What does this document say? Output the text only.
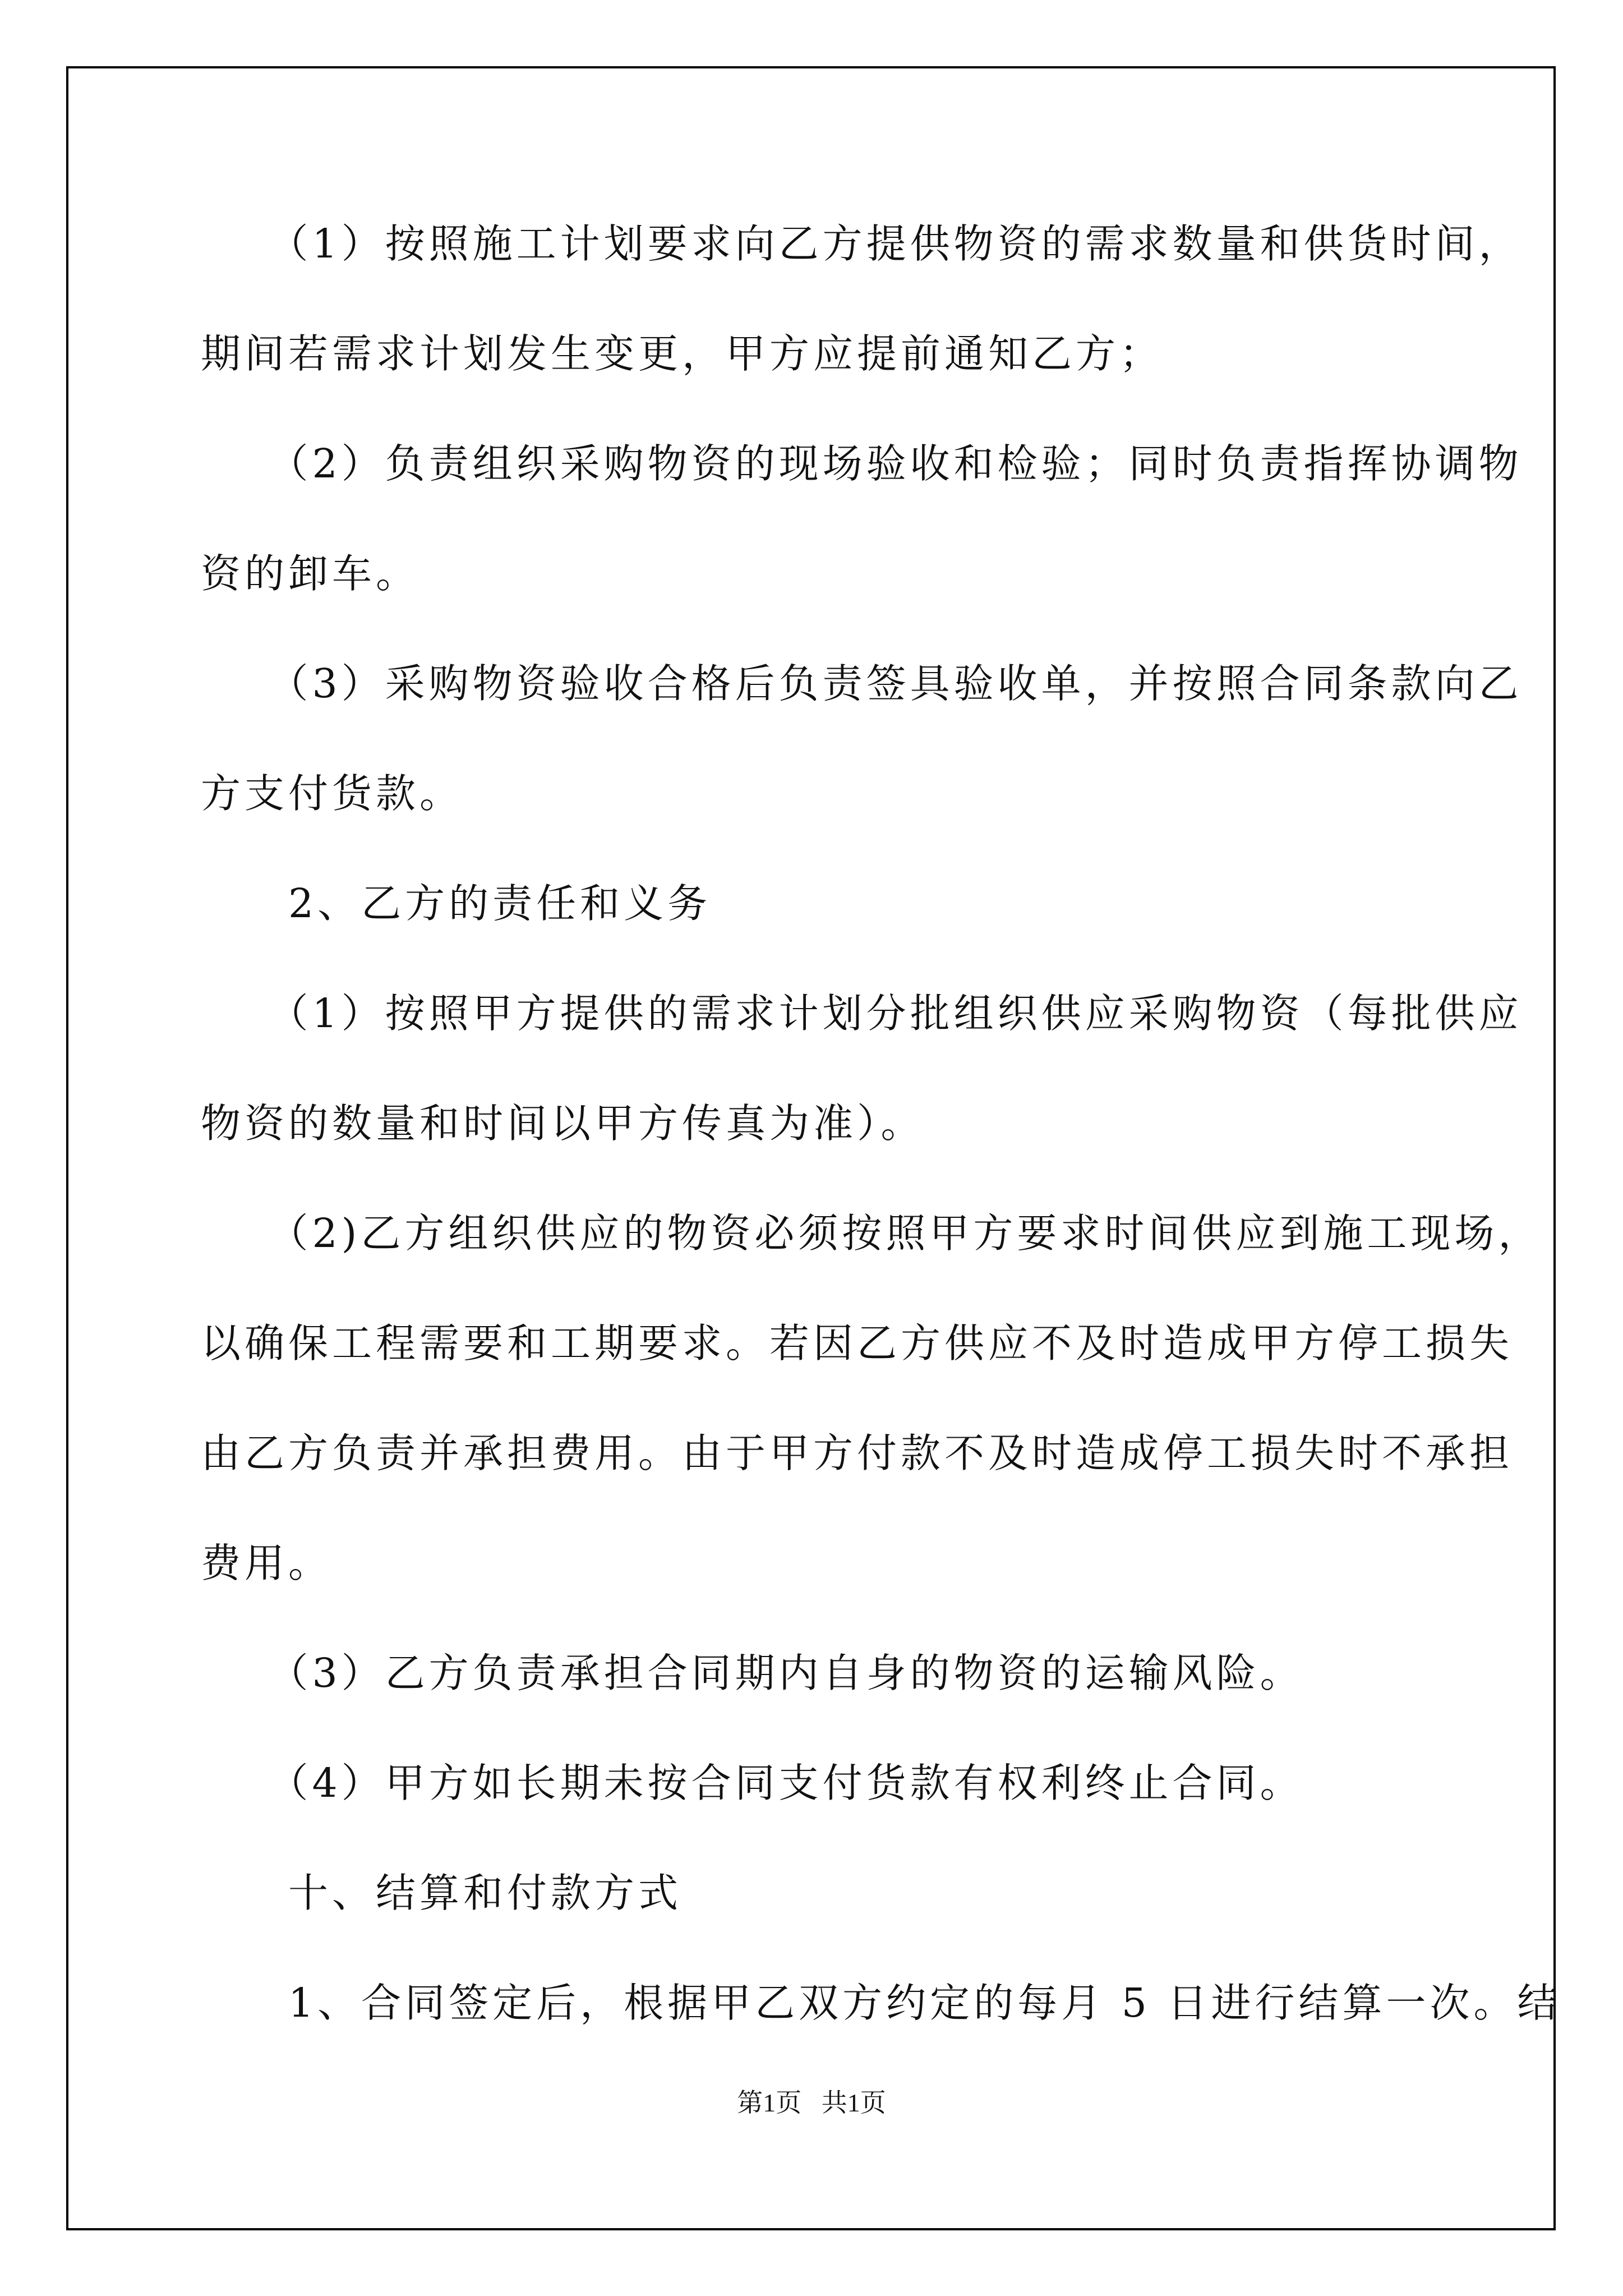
　　（1）按照施工计划要求向乙方提供物资的需求数量和供货时间，
期间若需求计划发生变更，甲方应提前通知乙方；
　　（2）负责组织采购物资的现场验收和检验；同时负责指挥协调物
资的卸车。
　　（3）采购物资验收合格后负责签具验收单，并按照合同条款向乙
方支付货款。
　　2、乙方的责任和义务
　　（1）按照甲方提供的需求计划分批组织供应采购物资（每批供应
物资的数量和时间以甲方传真为准）。
　　（2)乙方组织供应的物资必须按照甲方要求时间供应到施工现场，
以确保工程需要和工期要求。若因乙方供应不及时造成甲方停工损失
由乙方负责并承担费用。由于甲方付款不及时造成停工损失时不承担
费用。
　　（3）乙方负责承担合同期内自身的物资的运输风险。
　　（4）甲方如长期未按合同支付货款有权利终止合同。
　　十、结算和付款方式
　　1、合同签定后，根据甲乙双方约定的每月 5 日进行结算一次。结
第1页 共1页
